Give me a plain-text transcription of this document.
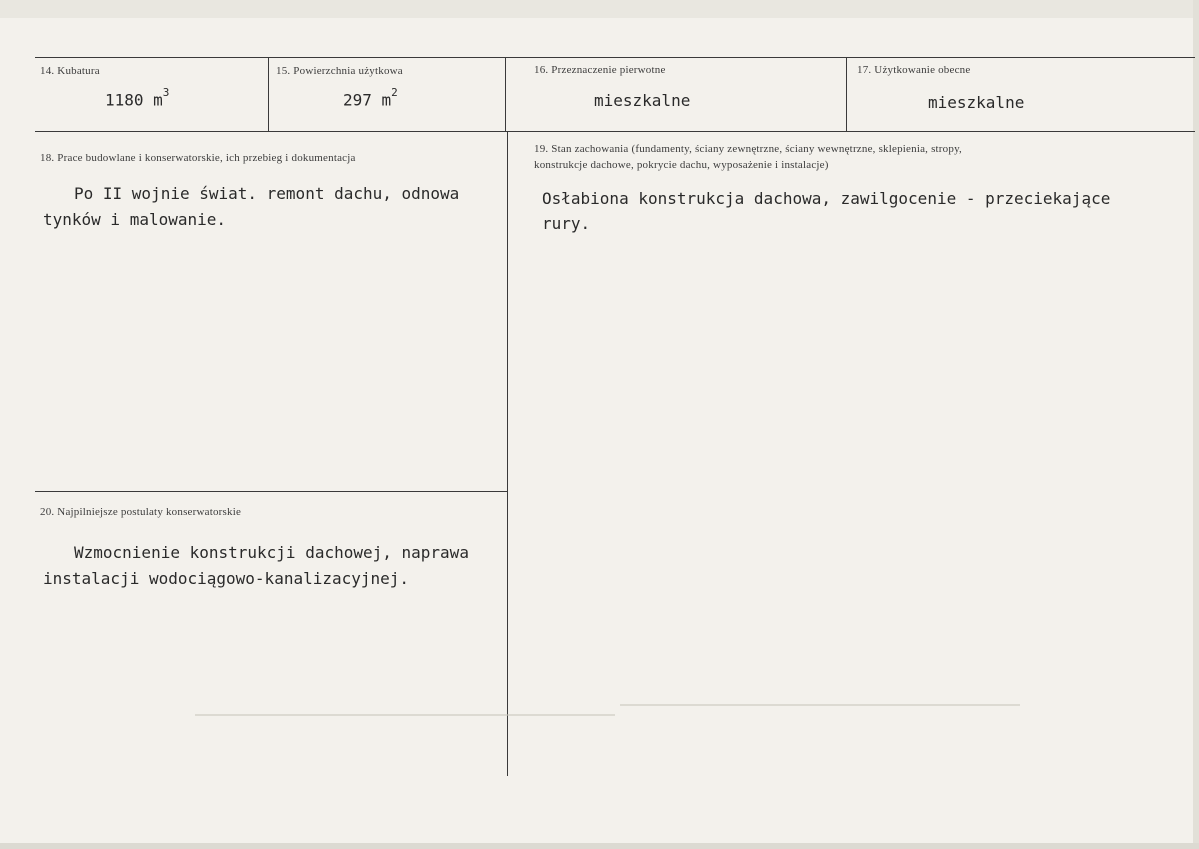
14. Kubatura
1180 $m^3$
15. Powierzchnia użytkowa
297 $m^2$
16. Przeznaczenie pierwotne
mieszkalne
17. Użytkowanie obecne
mieszkalne
18. Prace budowlane i konserwatorskie, ich przebieg i dokumentacja
Po II wojnie świat. remont dachu, odnowa
tynków i malowanie.
19. Stan zachowania (fundamenty, ściany zewnętrzne, ściany wewnętrzne, sklepienia, stropy,
konstrukcje dachowe, pokrycie dachu, wyposażenie i instalacje)
Osłabiona konstrukcja dachowa, zawilgocenie - przeciekające
rury.
20. Najpilniejsze postulaty konserwatorskie
Wzmocnienie konstrukcji dachowej, naprawa
instalacji wodociągowo-kanalizacyjnej.
